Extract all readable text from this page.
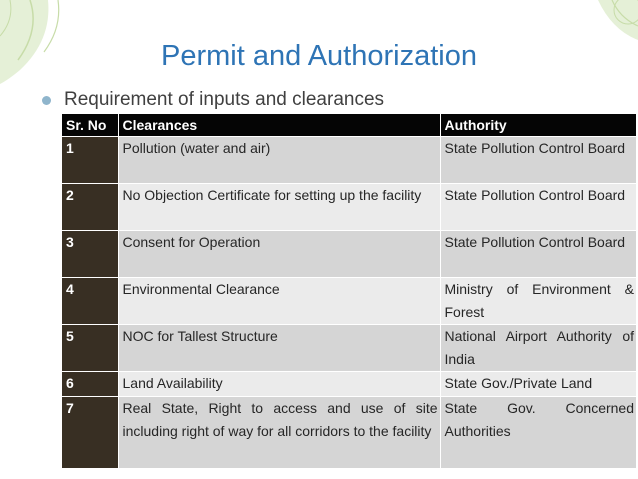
Permit and Authorization
Requirement of inputs and clearances
Sr. No	Clearances	Authority
1	Pollution (water and air)	State Pollution Control Board
2	No Objection Certificate for setting up the facility	State Pollution Control Board
3	Consent for Operation	State Pollution Control Board
4	Environmental Clearance	Ministry of Environment & Forest
5	NOC for Tallest Structure	National Airport Authority of India
6	Land Availability	State Gov./Private Land
7	Real State, Right to access and use of site including right of way for all corridors to the facility	State Gov. Concerned Authorities
